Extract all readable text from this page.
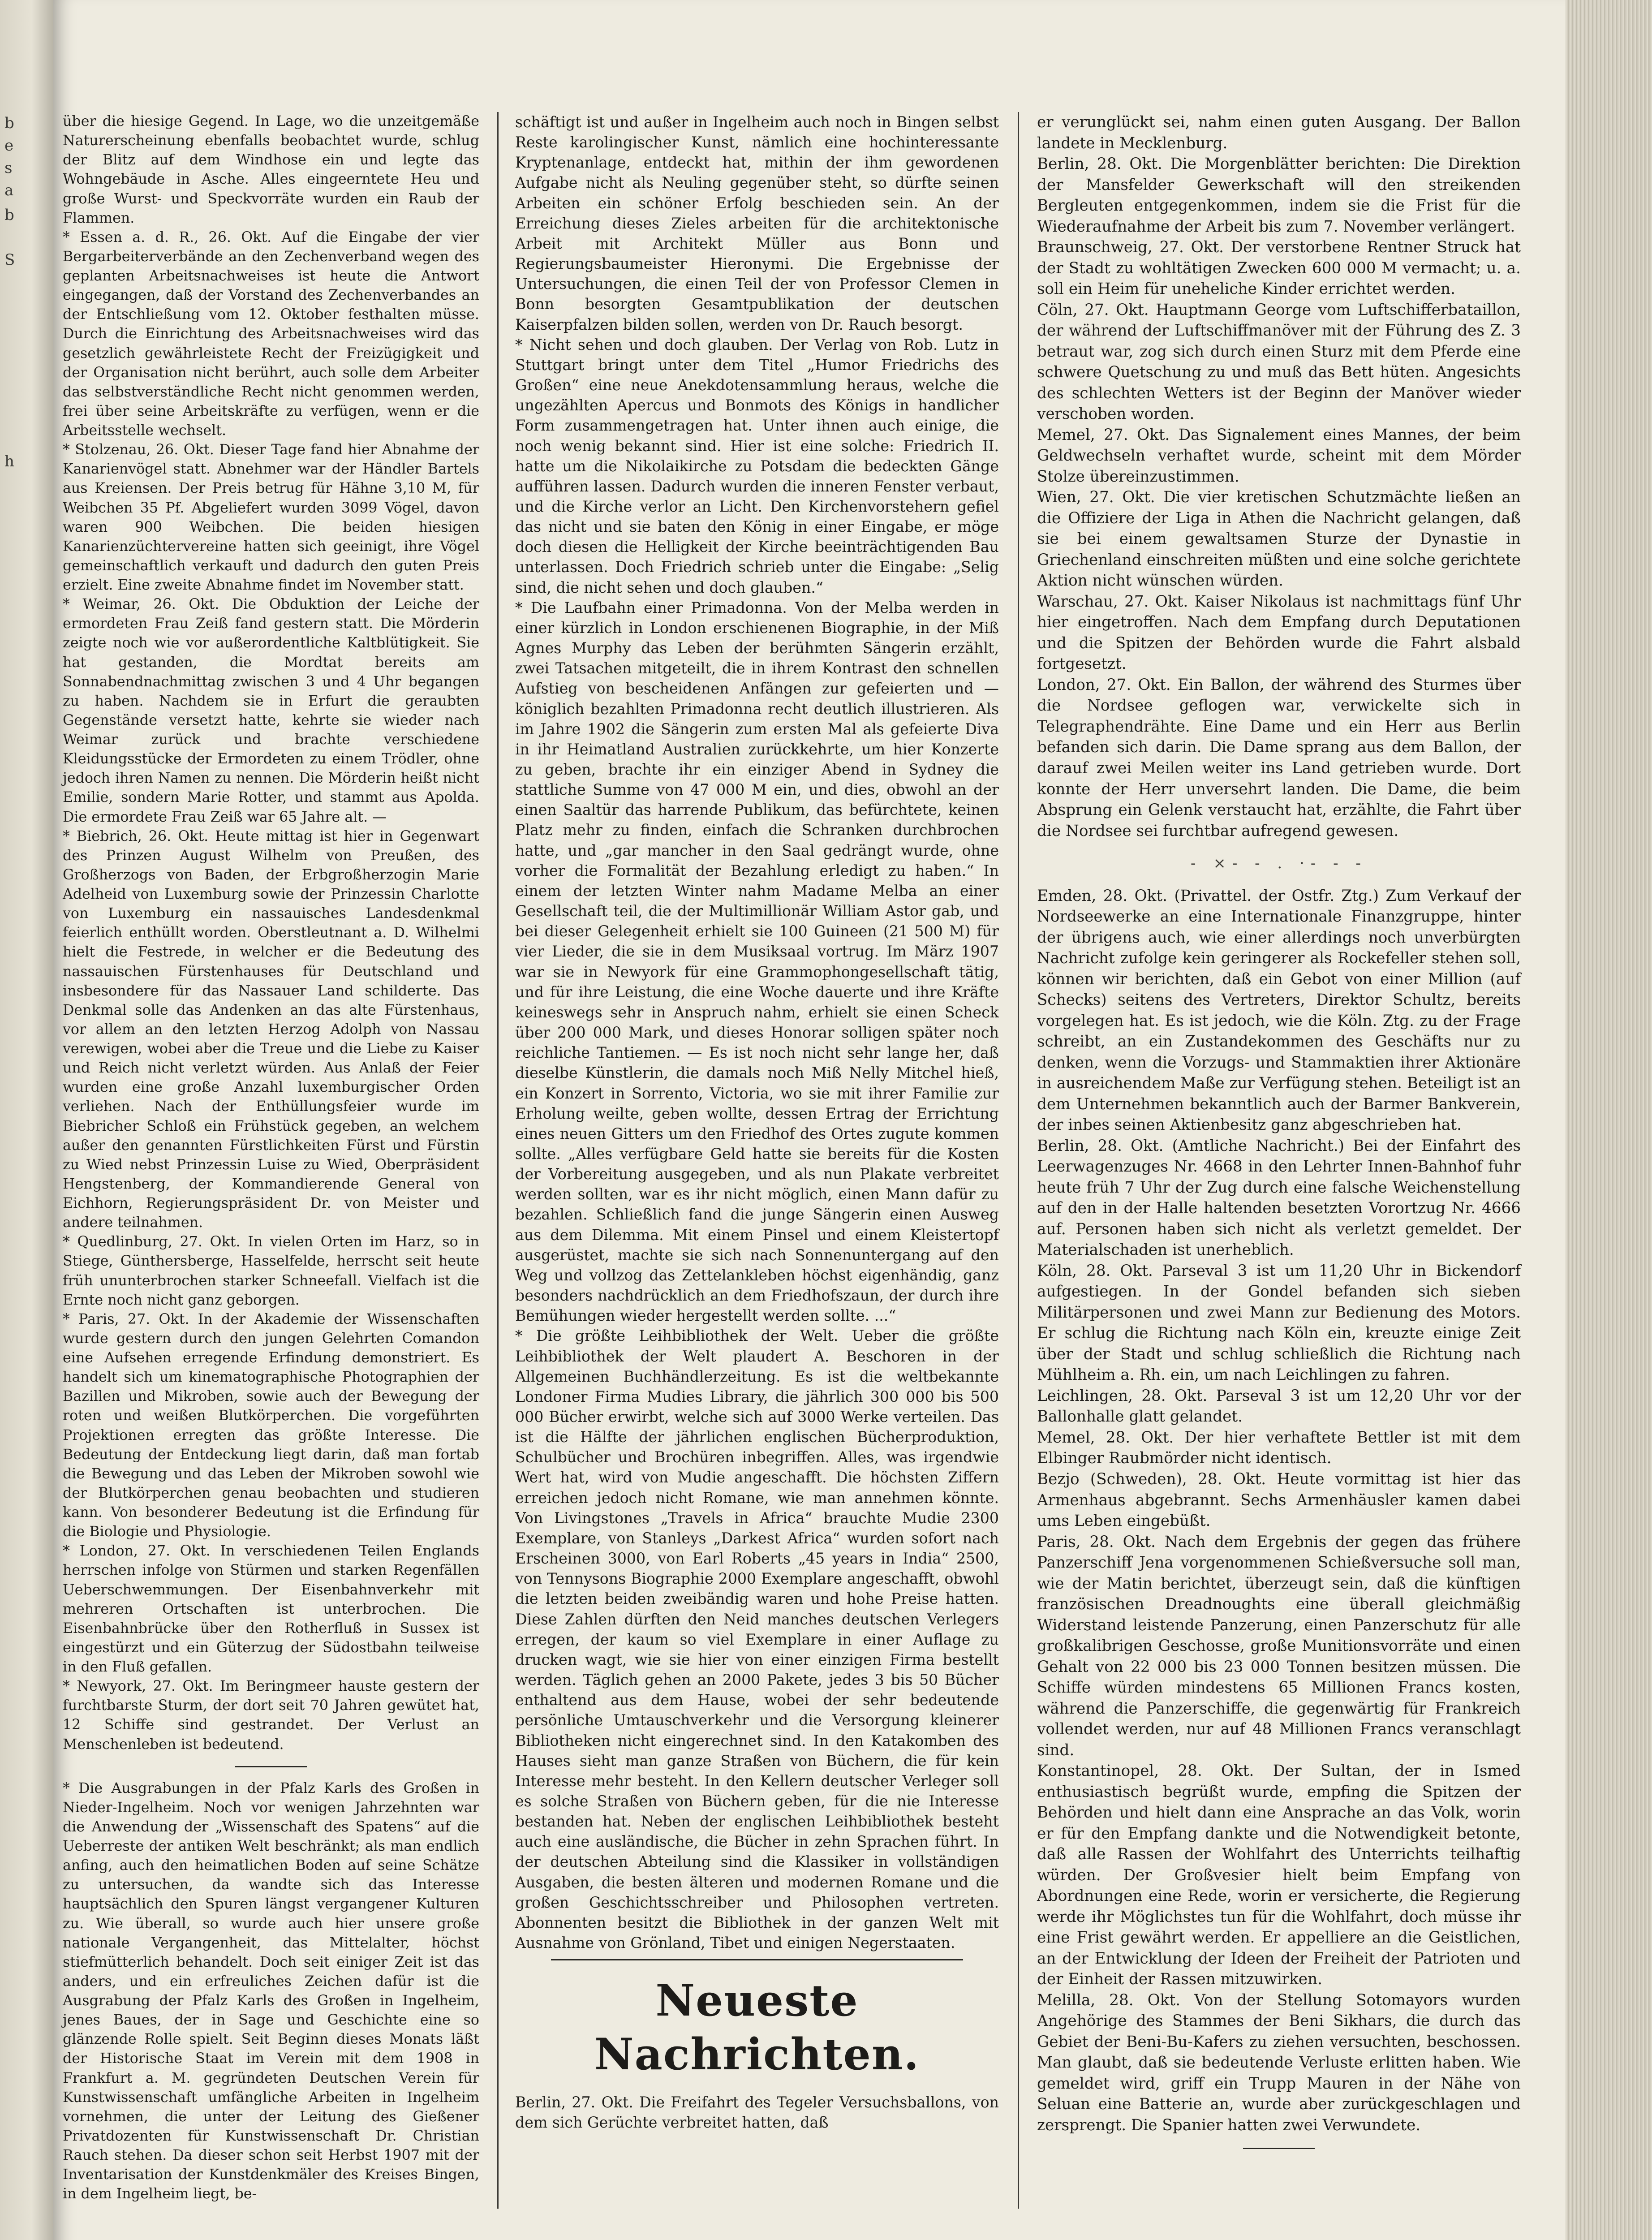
b
e
s
a
b
S
h

über die hiesige Gegend. In Lage, wo die unzeitgemäße Naturerscheinung ebenfalls beobachtet wurde, schlug der Blitz auf dem Windhose ein und legte das Wohngebäude in Asche. Alles eingeerntete Heu und große Wurst- und Speckvorräte wurden ein Raub der Flammen.

* Essen a. d. R., 26. Okt. Auf die Eingabe der vier Bergarbeiterverbände an den Zechenverband wegen des geplanten Arbeitsnachweises ist heute die Antwort eingegangen, daß der Vorstand des Zechenverbandes an der Entschließung vom 12. Oktober festhalten müsse. Durch die Einrichtung des Arbeitsnachweises wird das gesetzlich gewährleistete Recht der Freizügigkeit und der Organisation nicht berührt, auch solle dem Arbeiter das selbstverständliche Recht nicht genommen werden, frei über seine Arbeitskräfte zu verfügen, wenn er die Arbeitsstelle wechselt.

* Stolzenau, 26. Okt. Dieser Tage fand hier Abnahme der Kanarienvögel statt. Abnehmer war der Händler Bartels aus Kreiensen. Der Preis betrug für Hähne 3,10 M, für Weibchen 35 Pf. Abgeliefert wurden 3099 Vögel, davon waren 900 Weibchen. Die beiden hiesigen Kanarienzüchtervereine hatten sich geeinigt, ihre Vögel gemeinschaftlich verkauft und dadurch den guten Preis erzielt. Eine zweite Abnahme findet im November statt.

* Weimar, 26. Okt. Die Obduktion der Leiche der ermordeten Frau Zeiß fand gestern statt. Die Mörderin zeigte noch wie vor außerordentliche Kaltblütigkeit. Sie hat gestanden, die Mordtat bereits am Sonnabendnachmittag zwischen 3 und 4 Uhr begangen zu haben. Nachdem sie in Erfurt die geraubten Gegenstände versetzt hatte, kehrte sie wieder nach Weimar zurück und brachte verschiedene Kleidungsstücke der Ermordeten zu einem Trödler, ohne jedoch ihren Namen zu nennen. Die Mörderin heißt nicht Emilie, sondern Marie Rotter, und stammt aus Apolda. Die ermordete Frau Zeiß war 65 Jahre alt. —

* Biebrich, 26. Okt. Heute mittag ist hier in Gegenwart des Prinzen August Wilhelm von Preußen, des Großherzogs von Baden, der Erbgroßherzogin Marie Adelheid von Luxemburg sowie der Prinzessin Charlotte von Luxemburg ein nassauisches Landesdenkmal feierlich enthüllt worden. Oberstleutnant a. D. Wilhelmi hielt die Festrede, in welcher er die Bedeutung des nassauischen Fürstenhauses für Deutschland und insbesondere für das Nassauer Land schilderte. Das Denkmal solle das Andenken an das alte Fürstenhaus, vor allem an den letzten Herzog Adolph von Nassau verewigen, wobei aber die Treue und die Liebe zu Kaiser und Reich nicht verletzt würden. Aus Anlaß der Feier wurden eine große Anzahl luxemburgischer Orden verliehen. Nach der Enthüllungsfeier wurde im Biebricher Schloß ein Frühstück gegeben, an welchem außer den genannten Fürstlichkeiten Fürst und Fürstin zu Wied nebst Prinzessin Luise zu Wied, Oberpräsident Hengstenberg, der Kommandierende General von Eichhorn, Regierungspräsident Dr. von Meister und andere teilnahmen.

* Quedlinburg, 27. Okt. In vielen Orten im Harz, so in Stiege, Günthersberge, Hasselfelde, herrscht seit heute früh ununterbrochen starker Schneefall. Vielfach ist die Ernte noch nicht ganz geborgen.

* Paris, 27. Okt. In der Akademie der Wissenschaften wurde gestern durch den jungen Gelehrten Comandon eine Aufsehen erregende Erfindung demonstriert. Es handelt sich um kinematographische Photographien der Bazillen und Mikroben, sowie auch der Bewegung der roten und weißen Blutkörperchen. Die vorgeführten Projektionen erregten das größte Interesse. Die Bedeutung der Entdeckung liegt darin, daß man fortab die Bewegung und das Leben der Mikroben sowohl wie der Blutkörperchen genau beobachten und studieren kann. Von besonderer Bedeutung ist die Erfindung für die Biologie und Physiologie.

* London, 27. Okt. In verschiedenen Teilen Englands herrschen infolge von Stürmen und starken Regenfällen Ueberschwemmungen. Der Eisenbahnverkehr mit mehreren Ortschaften ist unterbrochen. Die Eisenbahnbrücke über den Rotherfluß in Sussex ist eingestürzt und ein Güterzug der Südostbahn teilweise in den Fluß gefallen.

* Newyork, 27. Okt. Im Beringmeer hauste gestern der furchtbarste Sturm, der dort seit 70 Jahren gewütet hat, 12 Schiffe sind gestrandet. Der Verlust an Menschenleben ist bedeutend.

* Die Ausgrabungen in der Pfalz Karls des Großen in Nieder-Ingelheim. Noch vor wenigen Jahrzehnten war die Anwendung der „Wissenschaft des Spatens“ auf die Ueberreste der antiken Welt beschränkt; als man endlich anfing, auch den heimatlichen Boden auf seine Schätze zu untersuchen, da wandte sich das Interesse hauptsächlich den Spuren längst vergangener Kulturen zu. Wie überall, so wurde auch hier unsere große nationale Vergangenheit, das Mittelalter, höchst stiefmütterlich behandelt. Doch seit einiger Zeit ist das anders, und ein erfreuliches Zeichen dafür ist die Ausgrabung der Pfalz Karls des Großen in Ingelheim, jenes Baues, der in Sage und Geschichte eine so glänzende Rolle spielt. Seit Beginn dieses Monats läßt der Historische Staat im Verein mit dem 1908 in Frankfurt a. M. gegründeten Deutschen Verein für Kunstwissenschaft umfängliche Arbeiten in Ingelheim vornehmen, die unter der Leitung des Gießener Privatdozenten für Kunstwissenschaft Dr. Christian Rauch stehen. Da dieser schon seit Herbst 1907 mit der Inventarisation der Kunstdenkmäler des Kreises Bingen, in dem Ingelheim liegt, be-

schäftigt ist und außer in Ingelheim auch noch in Bingen selbst Reste karolingischer Kunst, nämlich eine hochinteressante Kryptenanlage, entdeckt hat, mithin der ihm gewordenen Aufgabe nicht als Neuling gegenüber steht, so dürfte seinen Arbeiten ein schöner Erfolg beschieden sein. An der Erreichung dieses Zieles arbeiten für die architektonische Arbeit mit Architekt Müller aus Bonn und Regierungsbaumeister Hieronymi. Die Ergebnisse der Untersuchungen, die einen Teil der von Professor Clemen in Bonn besorgten Gesamtpublikation der deutschen Kaiserpfalzen bilden sollen, werden von Dr. Rauch besorgt.

* Nicht sehen und doch glauben. Der Verlag von Rob. Lutz in Stuttgart bringt unter dem Titel „Humor Friedrichs des Großen“ eine neue Anekdotensammlung heraus, welche die ungezählten Apercus und Bonmots des Königs in handlicher Form zusammengetragen hat. Unter ihnen auch einige, die noch wenig bekannt sind. Hier ist eine solche: Friedrich II. hatte um die Nikolaikirche zu Potsdam die bedeckten Gänge aufführen lassen. Dadurch wurden die inneren Fenster verbaut, und die Kirche verlor an Licht. Den Kirchenvorstehern gefiel das nicht und sie baten den König in einer Eingabe, er möge doch diesen die Helligkeit der Kirche beeinträchtigenden Bau unterlassen. Doch Friedrich schrieb unter die Eingabe: „Selig sind, die nicht sehen und doch glauben.“

* Die Laufbahn einer Primadonna. Von der Melba werden in einer kürzlich in London erschienenen Biographie, in der Miß Agnes Murphy das Leben der berühmten Sängerin erzählt, zwei Tatsachen mitgeteilt, die in ihrem Kontrast den schnellen Aufstieg von bescheidenen Anfängen zur gefeierten und — königlich bezahlten Primadonna recht deutlich illustrieren. Als im Jahre 1902 die Sängerin zum ersten Mal als gefeierte Diva in ihr Heimatland Australien zurückkehrte, um hier Konzerte zu geben, brachte ihr ein einziger Abend in Sydney die stattliche Summe von 47 000 M ein, und dies, obwohl an der einen Saaltür das harrende Publikum, das befürchtete, keinen Platz mehr zu finden, einfach die Schranken durchbrochen hatte, und „gar mancher in den Saal gedrängt wurde, ohne vorher die Formalität der Bezahlung erledigt zu haben.“ In einem der letzten Winter nahm Madame Melba an einer Gesellschaft teil, die der Multimillionär William Astor gab, und bei dieser Gelegenheit erhielt sie 100 Guineen (21 500 M) für vier Lieder, die sie in dem Musiksaal vortrug. Im März 1907 war sie in Newyork für eine Grammophongesellschaft tätig, und für ihre Leistung, die eine Woche dauerte und ihre Kräfte keineswegs sehr in Anspruch nahm, erhielt sie einen Scheck über 200 000 Mark, und dieses Honorar solligen später noch reichliche Tantiemen. — Es ist noch nicht sehr lange her, daß dieselbe Künstlerin, die damals noch Miß Nelly Mitchel hieß, ein Konzert in Sorrento, Victoria, wo sie mit ihrer Familie zur Erholung weilte, geben wollte, dessen Ertrag der Errichtung eines neuen Gitters um den Friedhof des Ortes zugute kommen sollte. „Alles verfügbare Geld hatte sie bereits für die Kosten der Vorbereitung ausgegeben, und als nun Plakate verbreitet werden sollten, war es ihr nicht möglich, einen Mann dafür zu bezahlen. Schließlich fand die junge Sängerin einen Ausweg aus dem Dilemma. Mit einem Pinsel und einem Kleistertopf ausgerüstet, machte sie sich nach Sonnenuntergang auf den Weg und vollzog das Zettelankleben höchst eigenhändig, ganz besonders nachdrücklich an dem Friedhofszaun, der durch ihre Bemühungen wieder hergestellt werden sollte. ...“

* Die größte Leihbibliothek der Welt. Ueber die größte Leihbibliothek der Welt plaudert A. Beschoren in der Allgemeinen Buchhändlerzeitung. Es ist die weltbekannte Londoner Firma Mudies Library, die jährlich 300 000 bis 500 000 Bücher erwirbt, welche sich auf 3000 Werke verteilen. Das ist die Hälfte der jährlichen englischen Bücherproduktion, Schulbücher und Brochüren inbegriffen. Alles, was irgendwie Wert hat, wird von Mudie angeschafft. Die höchsten Ziffern erreichen jedoch nicht Romane, wie man annehmen könnte. Von Livingstones „Travels in Africa“ brauchte Mudie 2300 Exemplare, von Stanleys „Darkest Africa“ wurden sofort nach Erscheinen 3000, von Earl Roberts „45 years in India“ 2500, von Tennysons Biographie 2000 Exemplare angeschafft, obwohl die letzten beiden zweibändig waren und hohe Preise hatten. Diese Zahlen dürften den Neid manches deutschen Verlegers erregen, der kaum so viel Exemplare in einer Auflage zu drucken wagt, wie sie hier von einer einzigen Firma bestellt werden. Täglich gehen an 2000 Pakete, jedes 3 bis 50 Bücher enthaltend aus dem Hause, wobei der sehr bedeutende persönliche Umtauschverkehr und die Versorgung kleinerer Bibliotheken nicht eingerechnet sind. In den Katakomben des Hauses sieht man ganze Straßen von Büchern, die für kein Interesse mehr besteht. In den Kellern deutscher Verleger soll es solche Straßen von Büchern geben, für die nie Interesse bestanden hat. Neben der englischen Leihbibliothek besteht auch eine ausländische, die Bücher in zehn Sprachen führt. In der deutschen Abteilung sind die Klassiker in vollständigen Ausgaben, die besten älteren und modernen Romane und die großen Geschichtsschreiber und Philosophen vertreten. Abonnenten besitzt die Bibliothek in der ganzen Welt mit Ausnahme von Grönland, Tibet und einigen Negerstaaten.

Neueste Nachrichten.

Berlin, 27. Okt. Die Freifahrt des Tegeler Versuchsballons, von dem sich Gerüchte verbreitet hatten, daß

er verunglückt sei, nahm einen guten Ausgang. Der Ballon landete in Mecklenburg.

Berlin, 28. Okt. Die Morgenblätter berichten: Die Direktion der Mansfelder Gewerkschaft will den streikenden Bergleuten entgegenkommen, indem sie die Frist für die Wiederaufnahme der Arbeit bis zum 7. November verlängert.

Braunschweig, 27. Okt. Der verstorbene Rentner Struck hat der Stadt zu wohltätigen Zwecken 600 000 M vermacht; u. a. soll ein Heim für uneheliche Kinder errichtet werden.

Cöln, 27. Okt. Hauptmann George vom Luftschifferbataillon, der während der Luftschiffmanöver mit der Führung des Z. 3 betraut war, zog sich durch einen Sturz mit dem Pferde eine schwere Quetschung zu und muß das Bett hüten. Angesichts des schlechten Wetters ist der Beginn der Manöver wieder verschoben worden.

Memel, 27. Okt. Das Signalement eines Mannes, der beim Geldwechseln verhaftet wurde, scheint mit dem Mörder Stolze übereinzustimmen.

Wien, 27. Okt. Die vier kretischen Schutzmächte ließen an die Offiziere der Liga in Athen die Nachricht gelangen, daß sie bei einem gewaltsamen Sturze der Dynastie in Griechenland einschreiten müßten und eine solche gerichtete Aktion nicht wünschen würden.

Warschau, 27. Okt. Kaiser Nikolaus ist nachmittags fünf Uhr hier eingetroffen. Nach dem Empfang durch Deputationen und die Spitzen der Behörden wurde die Fahrt alsbald fortgesetzt.

London, 27. Okt. Ein Ballon, der während des Sturmes über die Nordsee geflogen war, verwickelte sich in Telegraphendrähte. Eine Dame und ein Herr aus Berlin befanden sich darin. Die Dame sprang aus dem Ballon, der darauf zwei Meilen weiter ins Land getrieben wurde. Dort konnte der Herr unversehrt landen. Die Dame, die beim Absprung ein Gelenk verstaucht hat, erzählte, die Fahrt über die Nordsee sei furchtbar aufregend gewesen.

- ×- - . ·- - -

Emden, 28. Okt. (Privattel. der Ostfr. Ztg.) Zum Verkauf der Nordseewerke an eine Internationale Finanzgruppe, hinter der übrigens auch, wie einer allerdings noch unverbürgten Nachricht zufolge kein geringerer als Rockefeller stehen soll, können wir berichten, daß ein Gebot von einer Million (auf Schecks) seitens des Vertreters, Direktor Schultz, bereits vorgelegen hat. Es ist jedoch, wie die Köln. Ztg. zu der Frage schreibt, an ein Zustandekommen des Geschäfts nur zu denken, wenn die Vorzugs- und Stammaktien ihrer Aktionäre in ausreichendem Maße zur Verfügung stehen. Beteiligt ist an dem Unternehmen bekanntlich auch der Barmer Bankverein, der inbes seinen Aktienbesitz ganz abgeschrieben hat.

Berlin, 28. Okt. (Amtliche Nachricht.) Bei der Einfahrt des Leerwagenzuges Nr. 4668 in den Lehrter Innen-Bahnhof fuhr heute früh 7 Uhr der Zug durch eine falsche Weichenstellung auf den in der Halle haltenden besetzten Vorortzug Nr. 4666 auf. Personen haben sich nicht als verletzt gemeldet. Der Materialschaden ist unerheblich.

Köln, 28. Okt. Parseval 3 ist um 11,20 Uhr in Bickendorf aufgestiegen. In der Gondel befanden sich sieben Militärpersonen und zwei Mann zur Bedienung des Motors. Er schlug die Richtung nach Köln ein, kreuzte einige Zeit über der Stadt und schlug schließlich die Richtung nach Mühlheim a. Rh. ein, um nach Leichlingen zu fahren.

Leichlingen, 28. Okt. Parseval 3 ist um 12,20 Uhr vor der Ballonhalle glatt gelandet.

Memel, 28. Okt. Der hier verhaftete Bettler ist mit dem Elbinger Raubmörder nicht identisch.

Bezjo (Schweden), 28. Okt. Heute vormittag ist hier das Armenhaus abgebrannt. Sechs Armenhäusler kamen dabei ums Leben eingebüßt.

Paris, 28. Okt. Nach dem Ergebnis der gegen das frühere Panzerschiff Jena vorgenommenen Schießversuche soll man, wie der Matin berichtet, überzeugt sein, daß die künftigen französischen Dreadnoughts eine überall gleichmäßig Widerstand leistende Panzerung, einen Panzerschutz für alle großkalibrigen Geschosse, große Munitionsvorräte und einen Gehalt von 22 000 bis 23 000 Tonnen besitzen müssen. Die Schiffe würden mindestens 65 Millionen Francs kosten, während die Panzerschiffe, die gegenwärtig für Frankreich vollendet werden, nur auf 48 Millionen Francs veranschlagt sind.

Konstantinopel, 28. Okt. Der Sultan, der in Ismed enthusiastisch begrüßt wurde, empfing die Spitzen der Behörden und hielt dann eine Ansprache an das Volk, worin er für den Empfang dankte und die Notwendigkeit betonte, daß alle Rassen der Wohlfahrt des Unterrichts teilhaftig würden. Der Großvesier hielt beim Empfang von Abordnungen eine Rede, worin er versicherte, die Regierung werde ihr Möglichstes tun für die Wohlfahrt, doch müsse ihr eine Frist gewährt werden. Er appelliere an die Geistlichen, an der Entwicklung der Ideen der Freiheit der Patrioten und der Einheit der Rassen mitzuwirken.

Melilla, 28. Okt. Von der Stellung Sotomayors wurden Angehörige des Stammes der Beni Sikhars, die durch das Gebiet der Beni-Bu-Kafers zu ziehen versuchten, beschossen. Man glaubt, daß sie bedeutende Verluste erlitten haben. Wie gemeldet wird, griff ein Trupp Mauren in der Nähe von Seluan eine Batterie an, wurde aber zurückgeschlagen und zersprengt. Die Spanier hatten zwei Verwundete.
